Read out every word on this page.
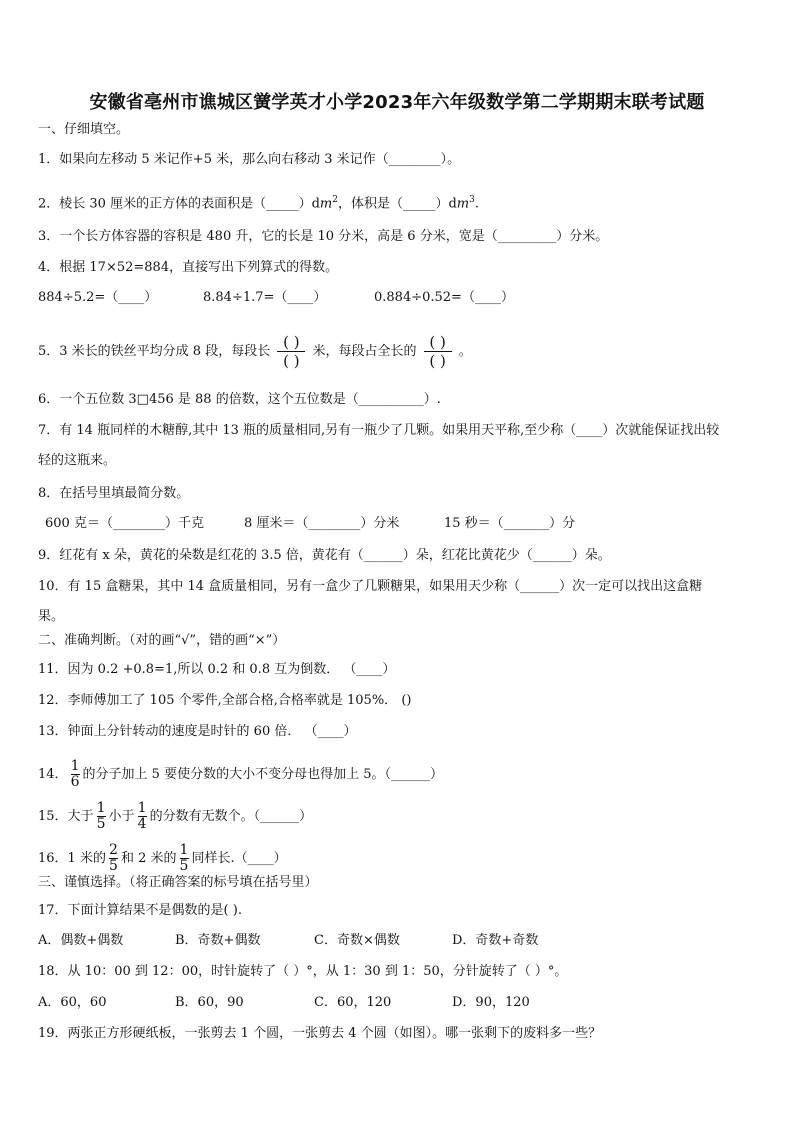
安徽省亳州市谯城区黉学英才小学2023年六年级数学第二学期期末联考试题
一、仔细填空。
1．如果向左移动 5 米记作+5 米，那么向右移动 3 米记作（________）。
2．棱长 30 厘米的正方体的表面积是$(\_\_\_\_\_)dm^2$，体积是$(\_\_\_\_\_)dm^3$.
3．一个长方体容器的容积是 480 升，它的长是 10 分米，高是 6 分米，宽是（_________）分米。
4．根据 17×52=884，直接写出下列算式的得数。
884÷5.2=（____）	8.84÷1.7=（____）	0.884÷0.52=（____）
5．3 米长的铁丝平均分成 8 段，每段长 $\frac{( )}{( )}$ 米，每段占全长的 $\frac{( )}{( )}$ 。
6．一个五位数 3□456 是 88 的倍数，这个五位数是（__________）.
7．有 14 瓶同样的木糖醇,其中 13 瓶的质量相同,另有一瓶少了几颗。如果用天平称,至少称（____）次就能保证找出较
轻的这瓶来。
8．在括号里填最简分数。
600 克＝（________）千克	8 厘米＝（________）分米	15 秒＝（_______）分
9．红花有 x 朵，黄花的朵数是红花的 3.5 倍，黄花有（______）朵，红花比黄花少（______）朵。
10．有 15 盒糖果，其中 14 盒质量相同，另有一盒少了几颗糖果，如果用天少称（______）次一定可以找出这盒糖
果。
二、准确判断。（对的画“√”，错的画“×”）
11．因为 0.2 +0.8=1,所以 0.2 和 0.8 互为倒数． （____）
12．李师傅加工了 105 个零件,全部合格,合格率就是 105%． ()
13．钟面上分针转动的速度是时针的 60 倍． （____）
14． $\frac{1}{6}$ 的分子加上 5 要使分数的大小不变分母也得加上 5。（______）
15．大于 $\frac{1}{5}$ 小于 $\frac{1}{4}$ 的分数有无数个。（______）
16．1 米的 $\frac{2}{5}$ 和 2 米的 $\frac{1}{5}$ 同样长.（____）
三、谨慎选择。（将正确答案的标号填在括号里）
17．下面计算结果不是偶数的是( ).
A．偶数+偶数	B．奇数+偶数	C．奇数×偶数	D．奇数+奇数
18．从 10：00 到 12：00，时针旋转了（ ）°，从 1：30 到 1：50，分针旋转了（ ）°。
A．60，60	B．60，90	C．60，120	D．90，120
19．两张正方形硬纸板，一张剪去 1 个圆，一张剪去 4 个圆（如图）。哪一张剩下的废料多一些？
